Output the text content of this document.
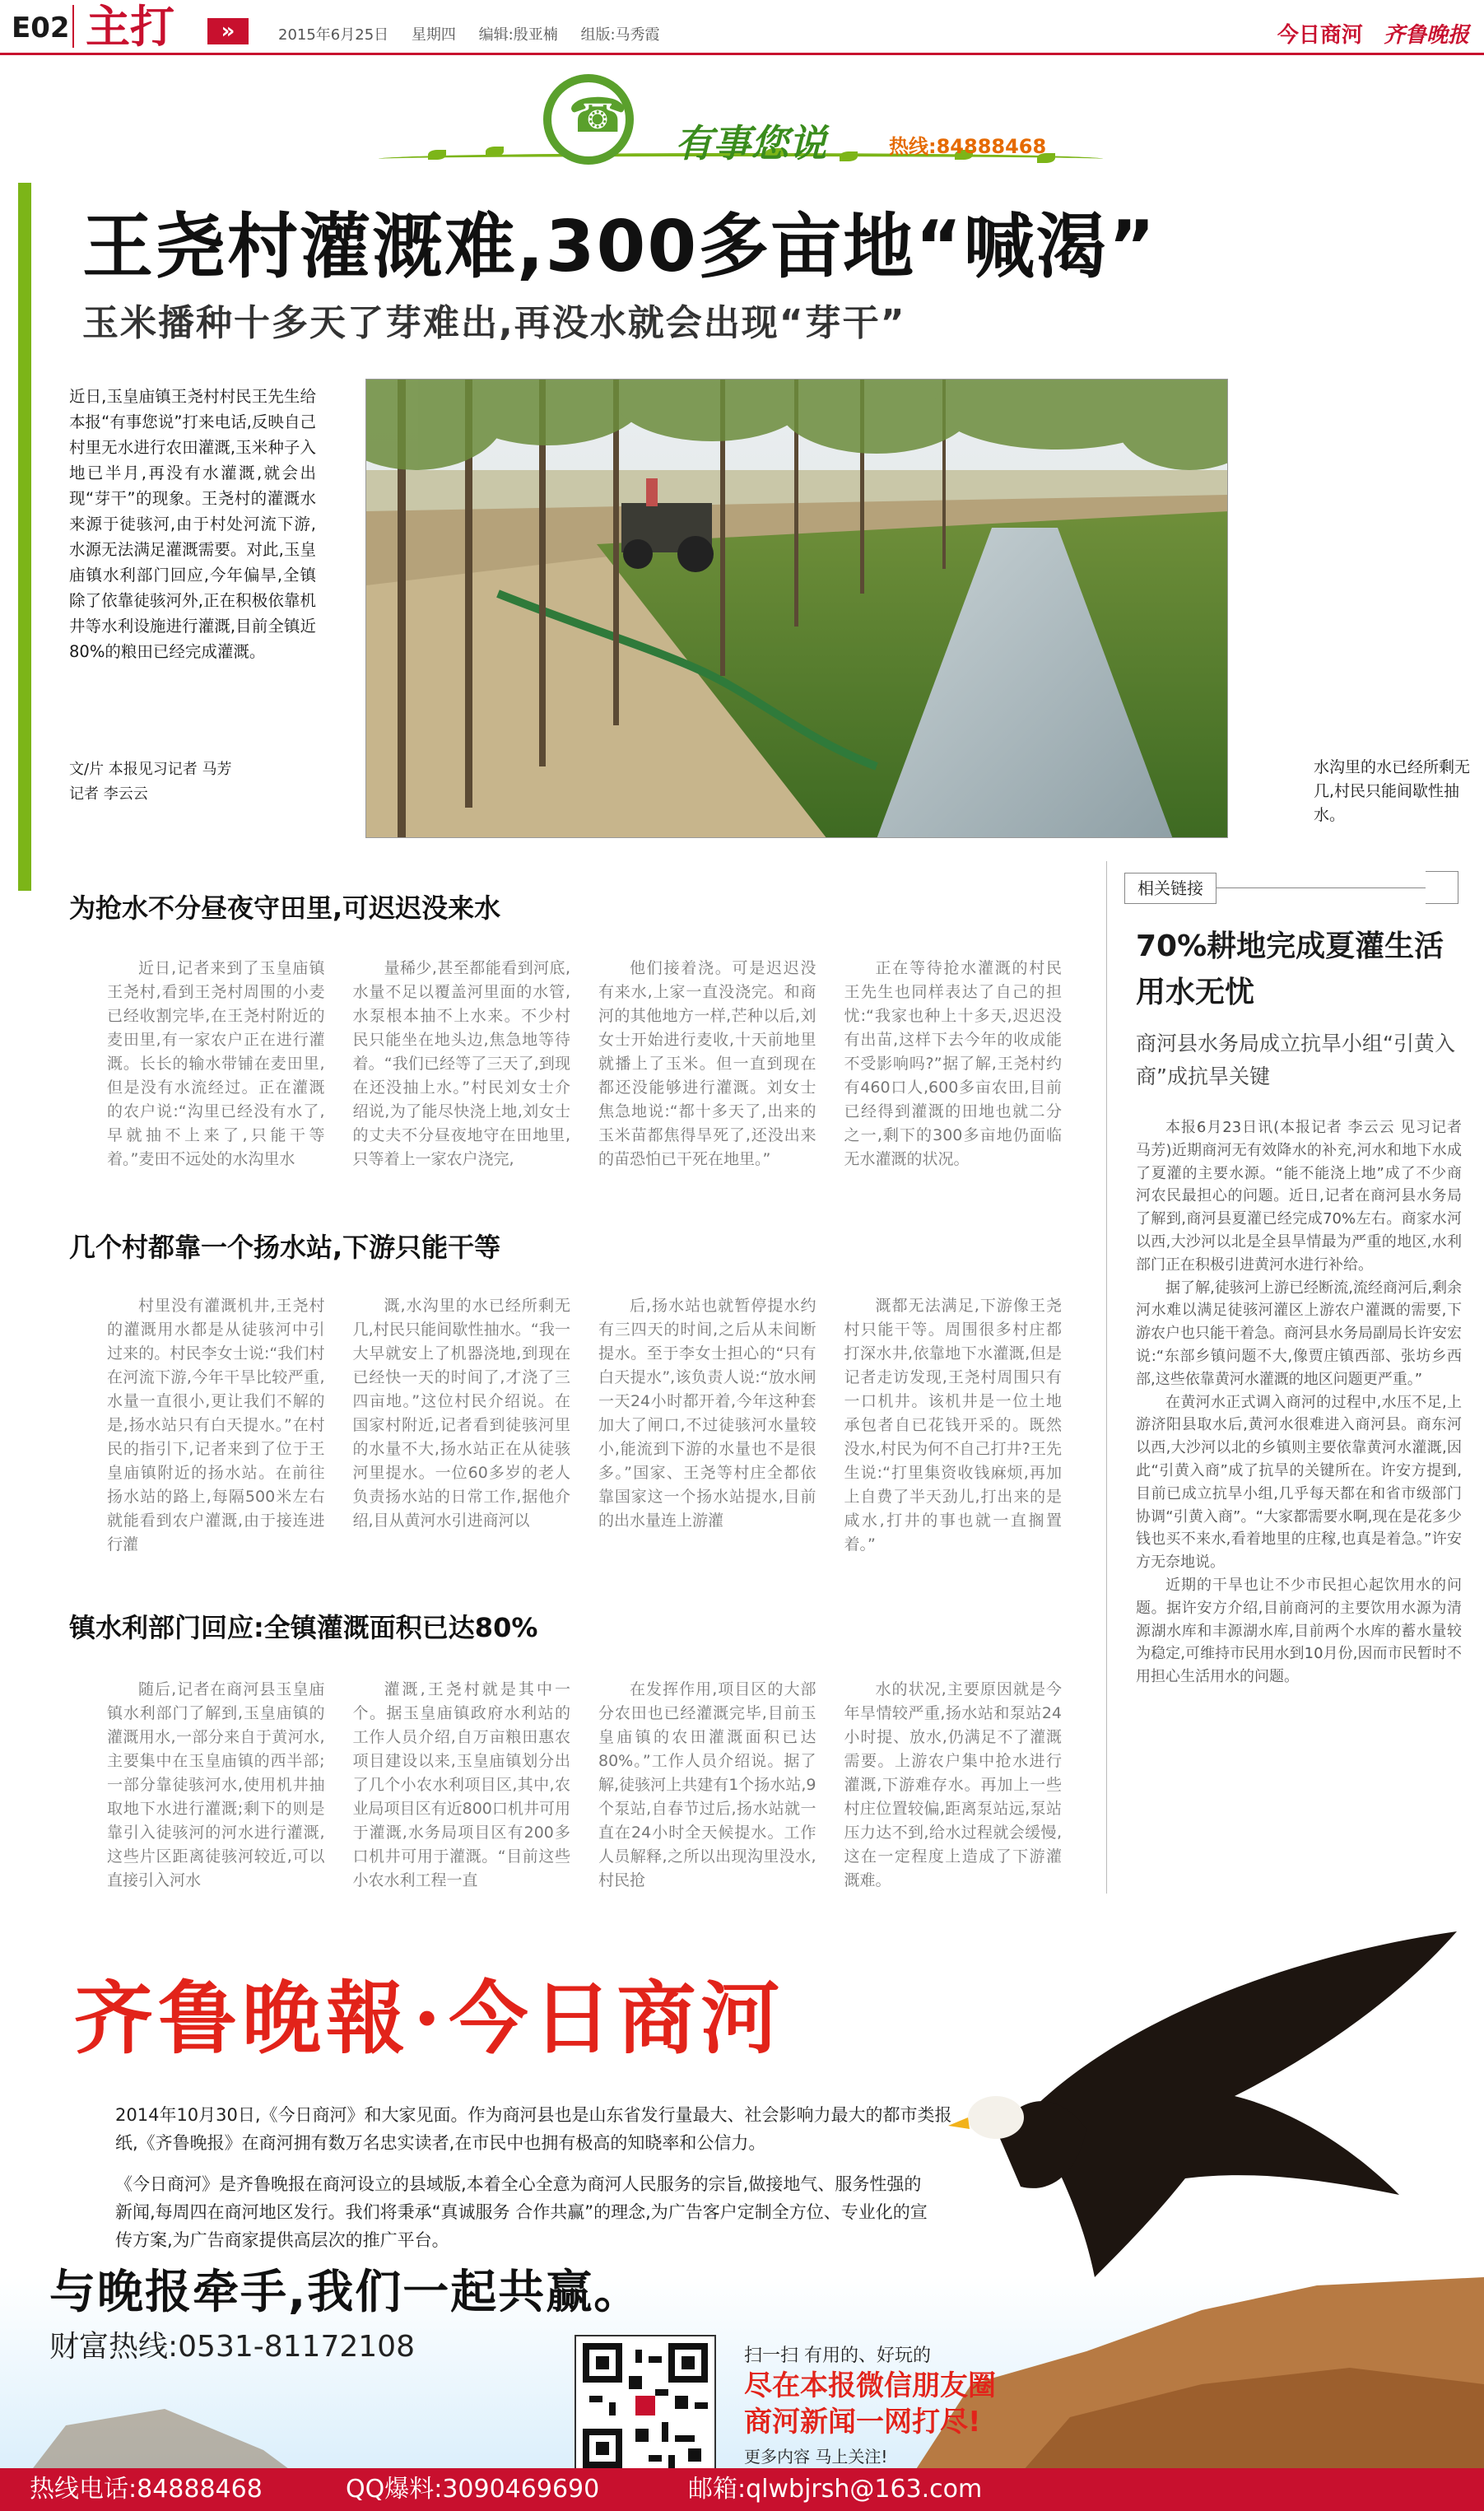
E02 主打	»	2015年6月25日 星期四 编辑:殷亚楠 组版:马秀霞	今日商河 齐鲁晚报
☎
有事您说	热线:84888468
王尧村灌溉难,300多亩地“喊渴”
玉米播种十多天了芽难出,再没水就会出现“芽干”

近日,玉皇庙镇王尧村村民王先生给本报“有事您说”打来电话,反映自己村里无水进行农田灌溉,玉米种子入地已半月,再没有水灌溉,就会出现“芽干”的现象。王尧村的灌溉水来源于徒骇河,由于村处河流下游,水源无法满足灌溉需要。对此,玉皇庙镇水利部门回应,今年偏旱,全镇除了依靠徒骇河外,正在积极依靠机井等水利设施进行灌溉,目前全镇近80%的粮田已经完成灌溉。

文/片 本报见习记者 马芳
记者 李云云

水沟里的水已经所剩无几,村民只能间歇性抽水。

为抢水不分昼夜守田里,可迟迟没来水

近日,记者来到了玉皇庙镇王尧村,看到王尧村周围的小麦已经收割完毕,在王尧村附近的麦田里,有一家农户正在进行灌溉。长长的输水带铺在麦田里,但是没有水流经过。正在灌溉的农户说:“沟里已经没有水了,早就抽不上来了,只能干等着。”麦田不远处的水沟里水

量稀少,甚至都能看到河底,水量不足以覆盖河里面的水管,水泵根本抽不上水来。不少村民只能坐在地头边,焦急地等待着。“我们已经等了三天了,到现在还没抽上水。”村民刘女士介绍说,为了能尽快浇上地,刘女士的丈夫不分昼夜地守在田地里,只等着上一家农户浇完,

他们接着浇。可是迟迟没有来水,上家一直没浇完。和商河的其他地方一样,芒种以后,刘女士开始进行麦收,十天前地里就播上了玉米。但一直到现在都还没能够进行灌溉。刘女士焦急地说:“都十多天了,出来的玉米苗都焦得旱死了,还没出来的苗恐怕已干死在地里。”

正在等待抢水灌溉的村民王先生也同样表达了自己的担忧:“我家也种上十多天,迟迟没有出苗,这样下去今年的收成能不受影响吗?”据了解,王尧村约有460口人,600多亩农田,目前已经得到灌溉的田地也就二分之一,剩下的300多亩地仍面临无水灌溉的状况。

几个村都靠一个扬水站,下游只能干等

村里没有灌溉机井,王尧村的灌溉用水都是从徒骇河中引过来的。村民李女士说:“我们村在河流下游,今年干旱比较严重,水量一直很小,更让我们不解的是,扬水站只有白天提水。”在村民的指引下,记者来到了位于王皇庙镇附近的扬水站。在前往扬水站的路上,每隔500米左右就能看到农户灌溉,由于接连进行灌

溉,水沟里的水已经所剩无几,村民只能间歇性抽水。“我一大早就安上了机器浇地,到现在已经快一天的时间了,才浇了三四亩地。”这位村民介绍说。在国家村附近,记者看到徒骇河里的水量不大,扬水站正在从徒骇河里提水。一位60多岁的老人负责扬水站的日常工作,据他介绍,目从黄河水引进商河以

后,扬水站也就暂停提水约有三四天的时间,之后从未间断提水。至于李女士担心的“只有白天提水”,该负责人说:“放水闸一天24小时都开着,今年这种套加大了闸口,不过徒骇河水量较小,能流到下游的水量也不是很多。”国家、王尧等村庄全都依靠国家这一个扬水站提水,目前的出水量连上游灌

溉都无法满足,下游像王尧村只能干等。周围很多村庄都打深水井,依靠地下水灌溉,但是记者走访发现,王尧村周围只有一口机井。该机井是一位土地承包者自已花钱开采的。既然没水,村民为何不自己打井?王先生说:“打里集资收钱麻烦,再加上自费了半天劲儿,打出来的是咸水,打井的事也就一直搁置着。”

镇水利部门回应:全镇灌溉面积已达80%

随后,记者在商河县玉皇庙镇水利部门了解到,玉皇庙镇的灌溉用水,一部分来自于黄河水,主要集中在玉皇庙镇的西半部;一部分靠徒骇河水,使用机井抽取地下水进行灌溉;剩下的则是靠引入徒骇河的河水进行灌溉,这些片区距离徒骇河较近,可以直接引入河水

灌溉,王尧村就是其中一个。据玉皇庙镇政府水利站的工作人员介绍,自万亩粮田惠农项目建设以来,玉皇庙镇划分出了几个小农水利项目区,其中,农业局项目区有近800口机井可用于灌溉,水务局项目区有200多口机井可用于灌溉。“目前这些小农水利工程一直

在发挥作用,项目区的大部分农田也已经灌溉完毕,目前玉皇庙镇的农田灌溉面积已达80%。”工作人员介绍说。据了解,徒骇河上共建有1个扬水站,9个泵站,自春节过后,扬水站就一直在24小时全天候提水。工作人员解释,之所以出现沟里没水,村民抢

水的状况,主要原因就是今年旱情较严重,扬水站和泵站24小时提、放水,仍满足不了灌溉需要。上游农户集中抢水进行灌溉,下游难存水。再加上一些村庄位置较偏,距离泵站远,泵站压力达不到,给水过程就会缓慢,这在一定程度上造成了下游灌溉难。

相关链接
70%耕地完成夏灌生活用水无忧
商河县水务局成立抗旱小组“引黄入商”成抗旱关键

本报6月23日讯(本报记者 李云云 见习记者 马芳)近期商河无有效降水的补充,河水和地下水成了夏灌的主要水源。“能不能浇上地”成了不少商河农民最担心的问题。近日,记者在商河县水务局了解到,商河县夏灌已经完成70%左右。商家水河以西,大沙河以北是全县旱情最为严重的地区,水利部门正在积极引进黄河水进行补给。

据了解,徒骇河上游已经断流,流经商河后,剩余河水难以满足徒骇河灌区上游农户灌溉的需要,下游农户也只能干着急。商河县水务局副局长许安宏说:“东部乡镇问题不大,像贾庄镇西部、张坊乡西部,这些依靠黄河水灌溉的地区问题更严重。”

在黄河水正式调入商河的过程中,水压不足,上游济阳县取水后,黄河水很难进入商河县。商东河以西,大沙河以北的乡镇则主要依靠黄河水灌溉,因此“引黄入商”成了抗旱的关键所在。许安方提到,目前已成立抗旱小组,几乎每天都在和省市级部门协调“引黄入商”。“大家都需要水啊,现在是花多少钱也买不来水,看着地里的庄稼,也真是着急。”许安方无奈地说。

近期的干旱也让不少市民担心起饮用水的问题。据许安方介绍,目前商河的主要饮用水源为清源湖水库和丰源湖水库,目前两个水库的蓄水量较为稳定,可维持市民用水到10月份,因而市民暂时不用担心生活用水的问题。

齐鲁晚報·今日商河

2014年10月30日,《今日商河》和大家见面。作为商河县也是山东省发行量最大、社会影响力最大的都市类报纸,《齐鲁晚报》在商河拥有数万名忠实读者,在市民中也拥有极高的知晓率和公信力。

《今日商河》是齐鲁晚报在商河设立的县域版,本着全心全意为商河人民服务的宗旨,做接地气、服务性强的新闻,每周四在商河地区发行。我们将秉承“真诚服务 合作共赢”的理念,为广告客户定制全方位、专业化的宣传方案,为广告商家提供高层次的推广平台。

与晚报牵手,我们一起共赢。
财富热线:0531-81172108	扫一扫 有用的、好玩的
尽在本报微信朋友圈
商河新闻一网打尽!
更多内容 马上关注!
热线电话:84888468	QQ爆料:3090469690	邮箱:qlwbjrsh@163.com
